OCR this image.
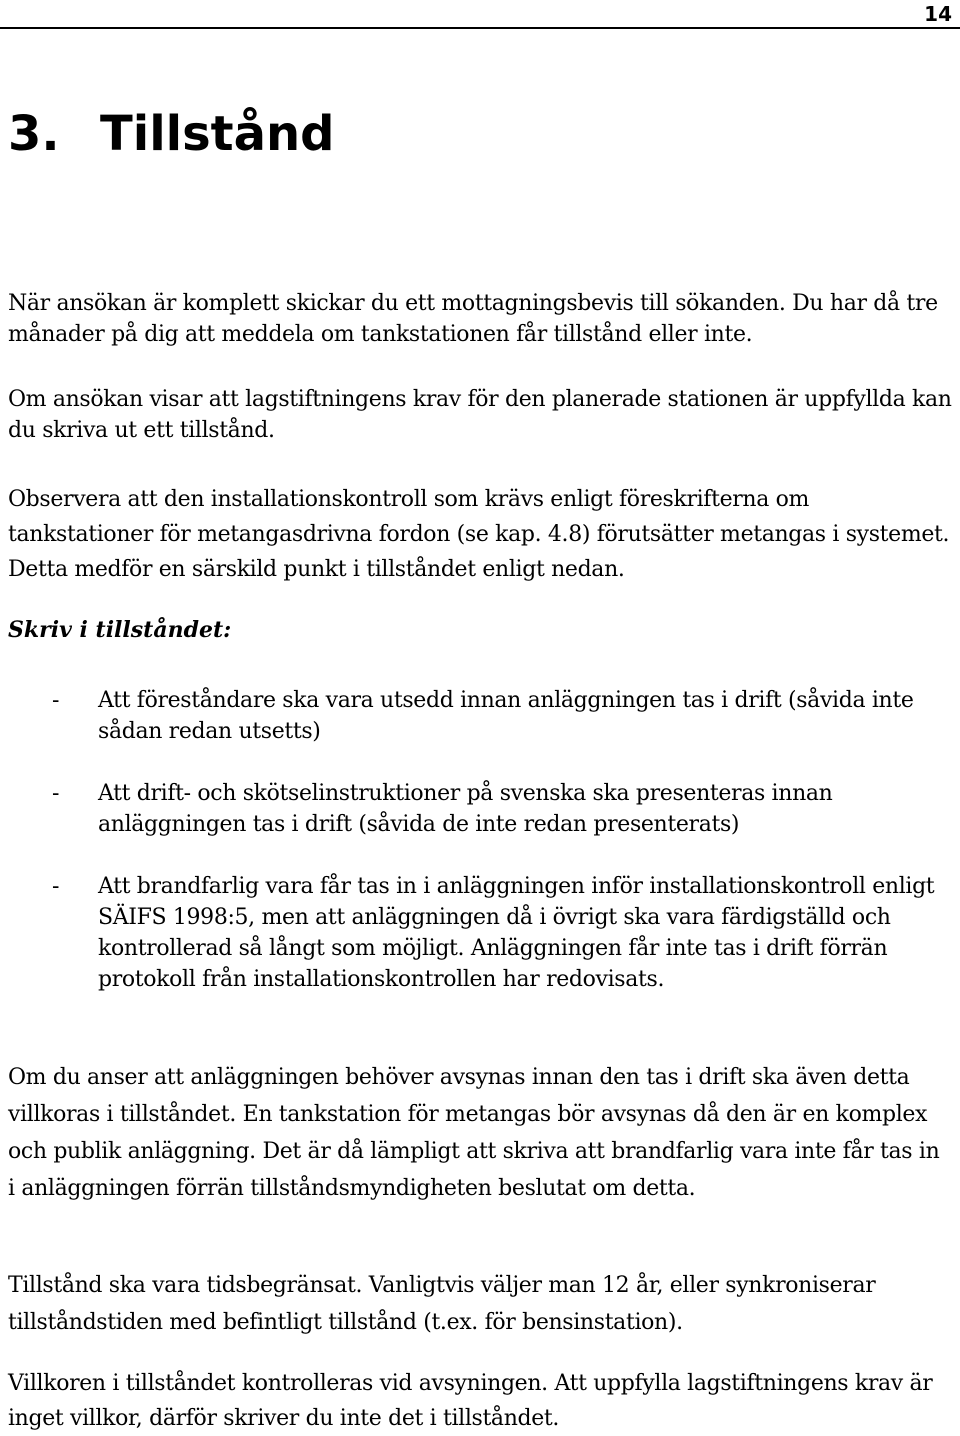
14
3. Tillstånd

När ansökan är komplett skickar du ett mottagningsbevis till sökanden. Du har då tre månader på dig att meddela om tankstationen får tillstånd eller inte.

Om ansökan visar att lagstiftningens krav för den planerade stationen är uppfyllda kan du skriva ut ett tillstånd.

Observera att den installationskontroll som krävs enligt föreskrifterna om tankstationer för metangasdrivna fordon (se kap. 4.8) förutsätter metangas i systemet. Detta medför en särskild punkt i tillståndet enligt nedan.

Skriv i tillståndet:

- Att föreståndare ska vara utsedd innan anläggningen tas i drift (såvida inte sådan redan utsetts)

- Att drift- och skötselinstruktioner på svenska ska presenteras innan anläggningen tas i drift (såvida de inte redan presenterats)

- Att brandfarlig vara får tas in i anläggningen inför installationskontroll enligt SÄIFS 1998:5, men att anläggningen då i övrigt ska vara färdigställd och kontrollerad så långt som möjligt. Anläggningen får inte tas i drift förrän protokoll från installationskontrollen har redovisats.

Om du anser att anläggningen behöver avsynas innan den tas i drift ska även detta villkoras i tillståndet. En tankstation för metangas bör avsynas då den är en komplex och publik anläggning. Det är då lämpligt att skriva att brandfarlig vara inte får tas in i anläggningen förrän tillståndsmyndigheten beslutat om detta.

Tillstånd ska vara tidsbegränsat. Vanligtvis väljer man 12 år, eller synkroniserar tillståndstiden med befintligt tillstånd (t.ex. för bensinstation).

Villkoren i tillståndet kontrolleras vid avsyningen. Att uppfylla lagstiftningens krav är inget villkor, därför skriver du inte det i tillståndet.
